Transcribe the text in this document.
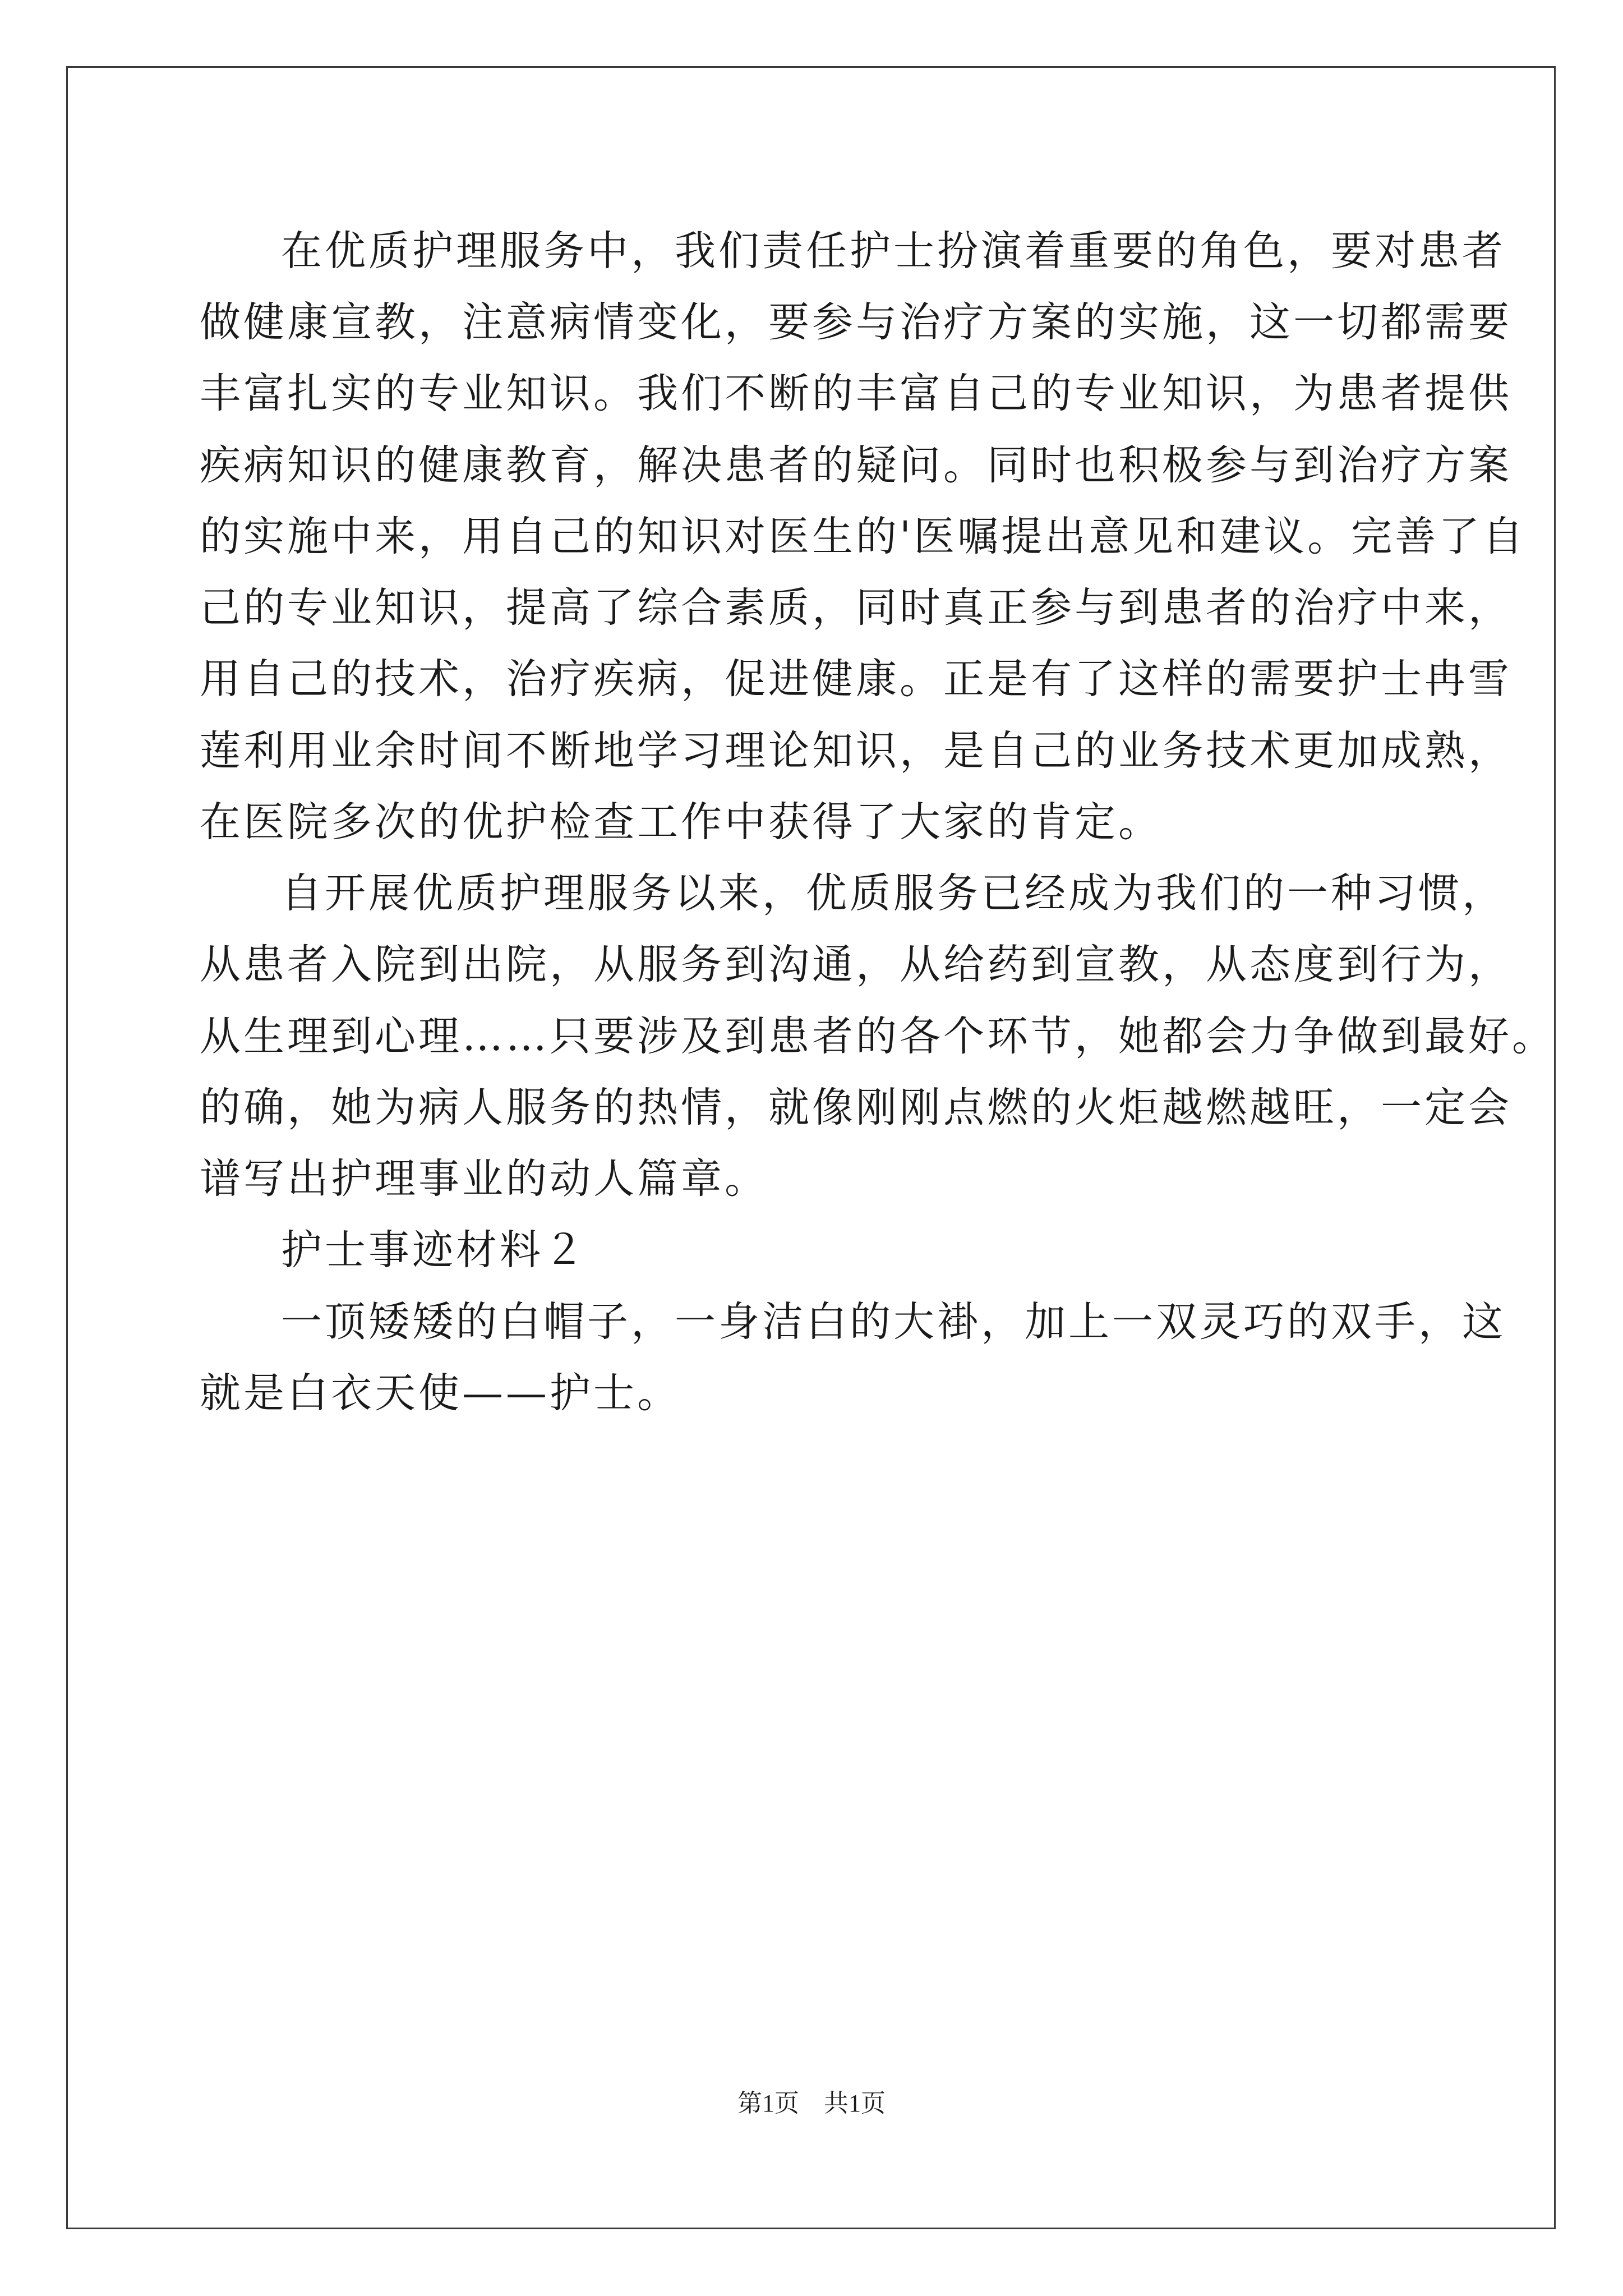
在优质护理服务中，我们责任护士扮演着重要的角色，要对患者
做健康宣教，注意病情变化，要参与治疗方案的实施，这一切都需要
丰富扎实的专业知识。我们不断的丰富自己的专业知识，为患者提供
疾病知识的健康教育，解决患者的疑问。同时也积极参与到治疗方案
的实施中来，用自己的知识对医生的'医嘱提出意见和建议。完善了自
己的专业知识，提高了综合素质，同时真正参与到患者的治疗中来，
用自己的技术，治疗疾病，促进健康。正是有了这样的需要护士冉雪
莲利用业余时间不断地学习理论知识，是自己的业务技术更加成熟，
在医院多次的优护检查工作中获得了大家的肯定。
自开展优质护理服务以来，优质服务已经成为我们的一种习惯，
从患者入院到出院，从服务到沟通，从给药到宣教，从态度到行为，
从生理到心理……只要涉及到患者的各个环节，她都会力争做到最好。
的确，她为病人服务的热情，就像刚刚点燃的火炬越燃越旺，一定会
谱写出护理事业的动人篇章。
护士事迹材料２
一顶矮矮的白帽子，一身洁白的大褂，加上一双灵巧的双手，这
就是白衣天使——护士。
第1页　共1页
